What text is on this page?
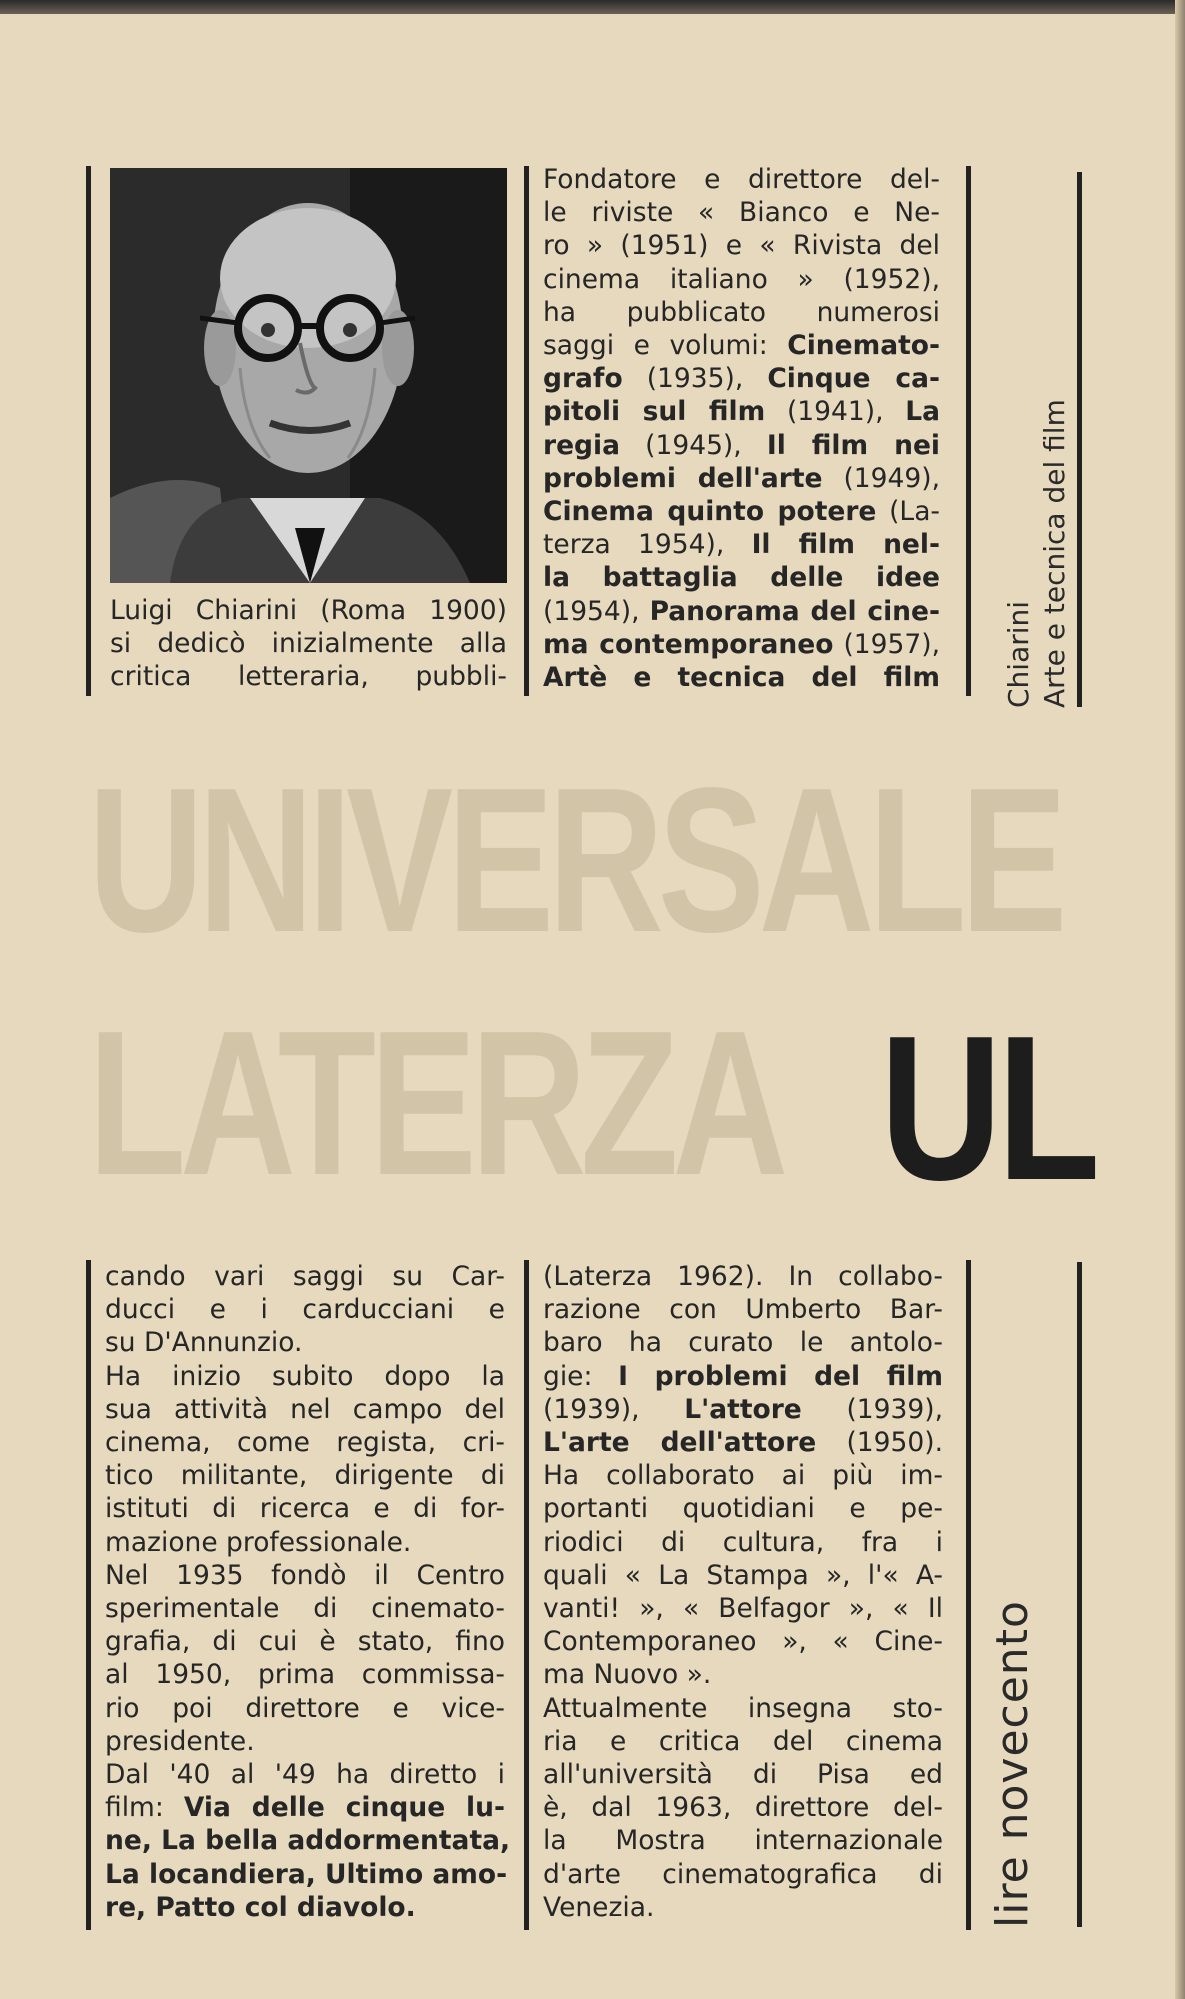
Luigi Chiarini (Roma 1900)
si dedicò inizialmente alla
critica letteraria, pubbli-
Fondatore e direttore del-
le riviste « Bianco e Ne-
ro » (1951) e « Rivista del
cinema italiano » (1952),
ha pubblicato numerosi
saggi e volumi: Cinemato-
grafo (1935), Cinque ca-
pitoli sul film (1941), La
regia (1945), Il film nei
problemi dell'arte (1949),
Cinema quinto potere (La-
terza 1954), Il film nel-
la battaglia delle idee
(1954), Panorama del cine-
ma contemporaneo (1957),
Artè e tecnica del film
UNIVERSALE
LATERZA UL
Chiarini Arte e tecnica del film
lire novecento
cando vari saggi su Car-
ducci e i carducciani e
su D'Annunzio.
Ha inizio subito dopo la
sua attività nel campo del
cinema, come regista, cri-
tico militante, dirigente di
istituti di ricerca e di for-
mazione professionale.
Nel 1935 fondò il Centro
sperimentale di cinemato-
grafia, di cui è stato, fino
al 1950, prima commissa-
rio poi direttore e vice-
presidente.
Dal '40 al '49 ha diretto i
film: Via delle cinque lu-
ne, La bella addormentata,
La locandiera, Ultimo amo-
re, Patto col diavolo.
(Laterza 1962). In collabo-
razione con Umberto Bar-
baro ha curato le antolo-
gie: I problemi del film
(1939), L'attore (1939),
L'arte dell'attore (1950).
Ha collaborato ai più im-
portanti quotidiani e pe-
riodici di cultura, fra i
quali « La Stampa », l'« A-
vanti! », « Belfagor », « Il
Contemporaneo », « Cine-
ma Nuovo ».
Attualmente insegna sto-
ria e critica del cinema
all'università di Pisa ed
è, dal 1963, direttore del-
la Mostra internazionale
d'arte cinematografica di
Venezia.
